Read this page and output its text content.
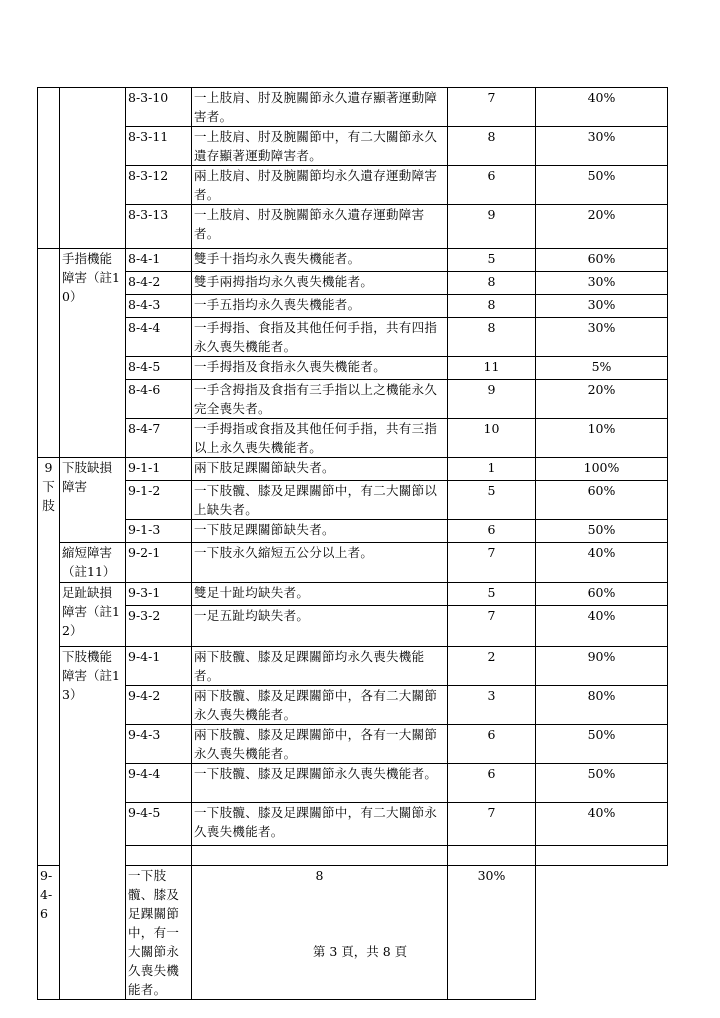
		8-3-10	一上肢肩、肘及腕關節永久遺存顯著運動障害者。	7	40%
		8-3-11	一上肢肩、肘及腕關節中，有二大關節永久遺存顯著運動障害者。	8	30%
		8-3-12	兩上肢肩、肘及腕關節均永久遺存運動障害者。	6	50%
		8-3-13	一上肢肩、肘及腕關節永久遺存運動障害者。	9	20%
	手指機能障害（註10）	8-4-1	雙手十指均永久喪失機能者。	5	60%
		8-4-2	雙手兩拇指均永久喪失機能者。	8	30%
		8-4-3	一手五指均永久喪失機能者。	8	30%
		8-4-4	一手拇指、食指及其他任何手指，共有四指永久喪失機能者。	8	30%
		8-4-5	一手拇指及食指永久喪失機能者。	11	5%
		8-4-6	一手含拇指及食指有三手指以上之機能永久完全喪失者。	9	20%
		8-4-7	一手拇指或食指及其他任何手指，共有三指以上永久喪失機能者。	10	10%
9
下
肢	下肢缺損障害	9-1-1	兩下肢足踝關節缺失者。	1	100%
		9-1-2	一下肢髖、膝及足踝關節中，有二大關節以上缺失者。	5	60%
		9-1-3	一下肢足踝關節缺失者。	6	50%
	縮短障害（註11）	9-2-1	一下肢永久縮短五公分以上者。	7	40%
	足趾缺損障害（註12）	9-3-1	雙足十趾均缺失者。	5	60%
		9-3-2	一足五趾均缺失者。	7	40%
	下肢機能障害（註13）	9-4-1	兩下肢髖、膝及足踝關節均永久喪失機能者。	2	90%
		9-4-2	兩下肢髖、膝及足踝關節中，各有二大關節永久喪失機能者。	3	80%
		9-4-3	兩下肢髖、膝及足踝關節中，各有一大關節永久喪失機能者。	6	50%
		9-4-4	一下肢髖、膝及足踝關節永久喪失機能者。	6	50%
		9-4-5	一下肢髖、膝及足踝關節中，有二大關節永久喪失機能者。	7	40%

9-4-6		一下肢髖、膝及足踝關節中，有一大關節永久喪失機能者。	8	30%	
第 3 頁，共 8 頁
